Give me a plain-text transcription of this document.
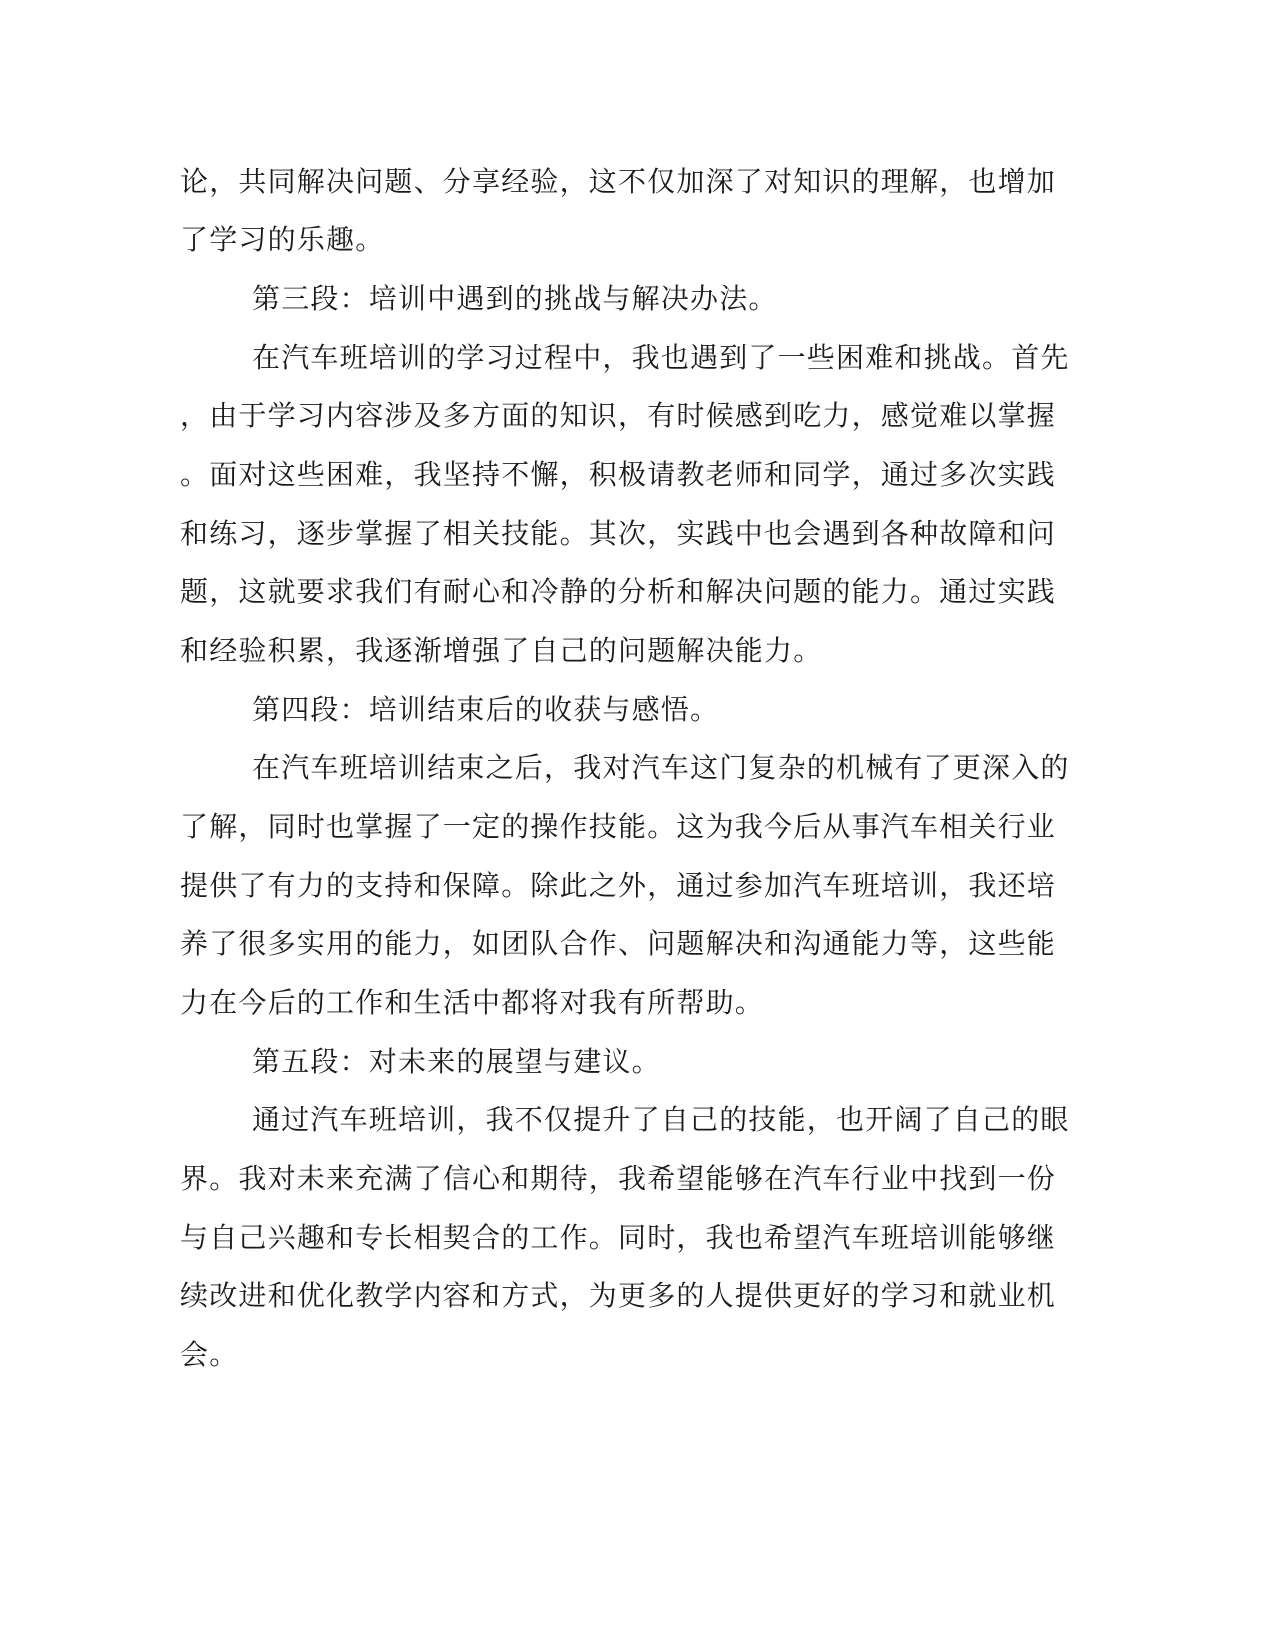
论，共同解决问题、分享经验，这不仅加深了对知识的理解，也增加
了学习的乐趣。
第三段：培训中遇到的挑战与解决办法。
在汽车班培训的学习过程中，我也遇到了一些困难和挑战。首先
，由于学习内容涉及多方面的知识，有时候感到吃力，感觉难以掌握
。面对这些困难，我坚持不懈，积极请教老师和同学，通过多次实践
和练习，逐步掌握了相关技能。其次，实践中也会遇到各种故障和问
题，这就要求我们有耐心和冷静的分析和解决问题的能力。通过实践
和经验积累，我逐渐增强了自己的问题解决能力。
第四段：培训结束后的收获与感悟。
在汽车班培训结束之后，我对汽车这门复杂的机械有了更深入的
了解，同时也掌握了一定的操作技能。这为我今后从事汽车相关行业
提供了有力的支持和保障。除此之外，通过参加汽车班培训，我还培
养了很多实用的能力，如团队合作、问题解决和沟通能力等，这些能
力在今后的工作和生活中都将对我有所帮助。
第五段：对未来的展望与建议。
通过汽车班培训，我不仅提升了自己的技能，也开阔了自己的眼
界。我对未来充满了信心和期待，我希望能够在汽车行业中找到一份
与自己兴趣和专长相契合的工作。同时，我也希望汽车班培训能够继
续改进和优化教学内容和方式，为更多的人提供更好的学习和就业机
会。
